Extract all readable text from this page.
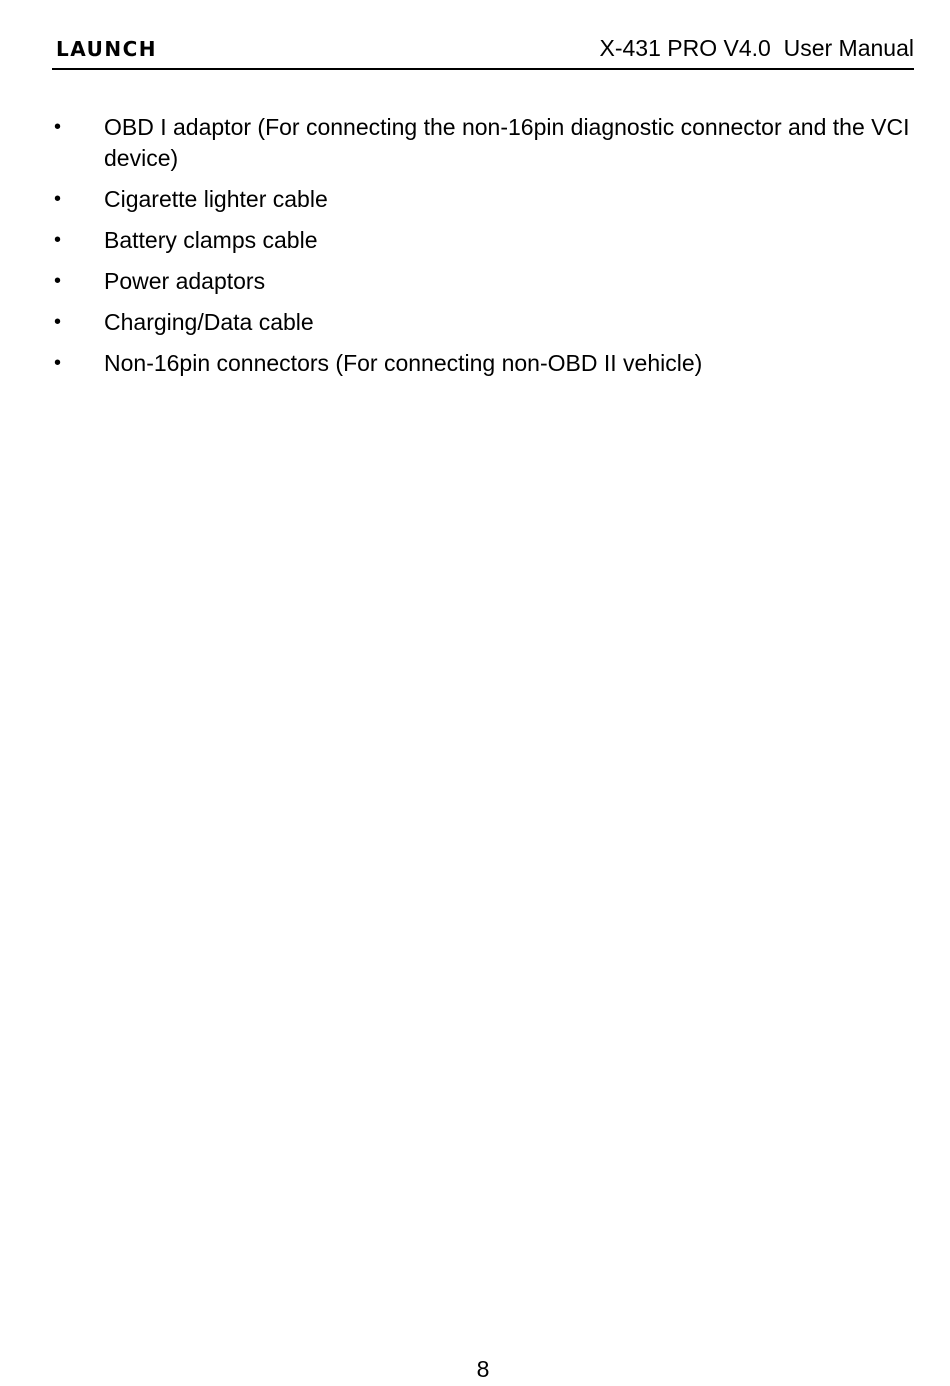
LAUNCH	X-431 PRO V4.0  User Manual
• OBD I adaptor (For connecting the non-16pin diagnostic connector and the VCI device)
• Cigarette lighter cable
• Battery clamps cable
• Power adaptors
• Charging/Data cable
• Non-16pin connectors (For connecting non-OBD II vehicle)
8
